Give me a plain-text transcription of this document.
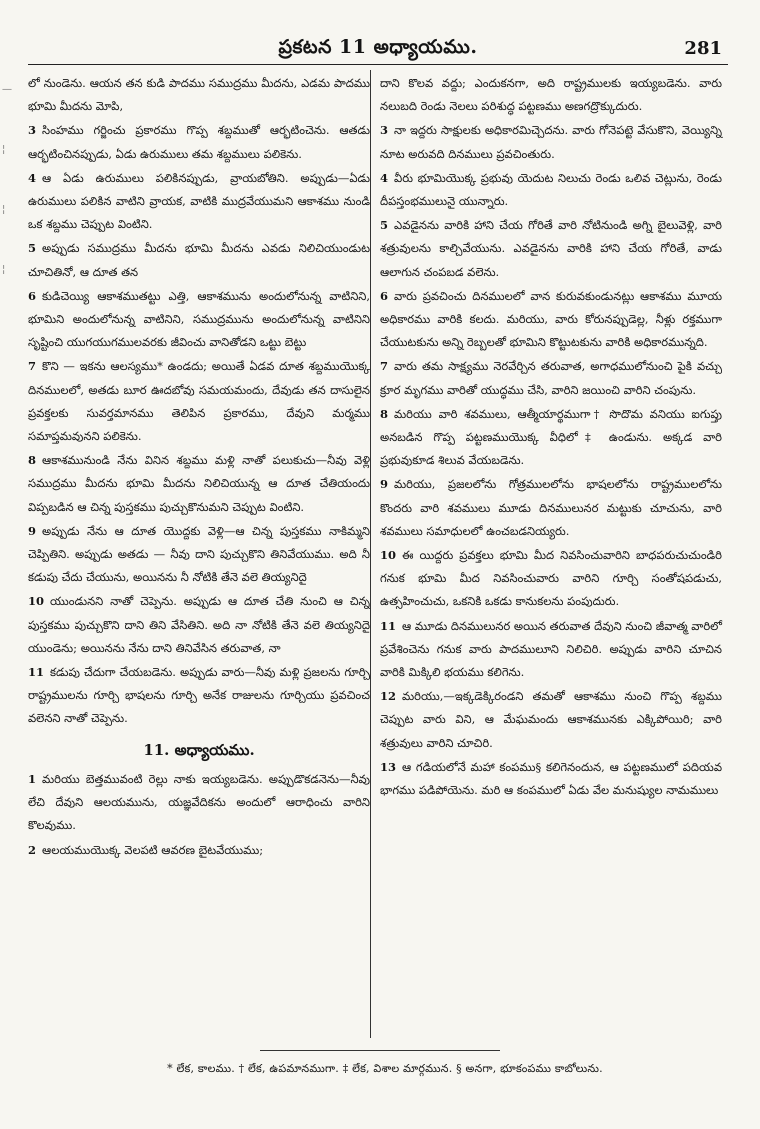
—
¦
¦
¦
ప్రకటన 11 అధ్యాయము.	281

లో నుండెను. ఆయన తన కుడి పాదము సముద్రము మీదను, ఎడమ పాదము భూమి మీదను మోపి,

3 సింహము గర్జించు ప్రకారము గొప్ప శబ్దముతో ఆర్భటించెను. ఆతడు ఆర్భటించినప్పుడు, ఏడు ఉరుములు తమ శబ్దములు పలికెను.

4 ఆ ఏడు ఉరుములు పలికినప్పుడు, వ్రాయబోతిని. అప్పుడు—ఏడు ఉరుములు పలికిన వాటిని వ్రాయక, వాటికి ముద్రవేయుమని ఆకాశము నుండి ఒక శబ్దము చెప్పుట వింటిని.

5 అప్పుడు సముద్రము మీదను భూమి మీదను ఎవడు నిలిచియుండుట చూచితినో, ఆ దూత తన

6 కుడిచెయ్యి ఆకాశముతట్టు ఎత్తి, ఆకాశమును అందులోనున్న వాటినిని, భూమిని అందులోనున్న వాటినిని, సముద్రమును అందులోనున్న వాటినిని సృష్టించి యుగయుగములవరకు జీవించు వానితోడని ఒట్టు బెట్టు

7 కొని — ఇకను ఆలస్యము* ఉండదు; అయితే ఏడవ దూత శబ్దముయొక్క దినములలో, అతడు బూర ఊదబోవు సమయమందు, దేవుడు తన దాసులైన ప్రవక్తలకు సువర్తమానము తెలిపిన ప్రకారము, దేవుని మర్మము సమాప్తమవునని పలికెను.

8 ఆకాశమునుండి నేను వినిన శబ్దము మళ్లి నాతో పలుకుచు—నీవు వెళ్లి సముద్రము మీదను భూమి మీదను నిలిచియున్న ఆ దూత చేతియందు విప్పబడిన ఆ చిన్న పుస్తకము పుచ్చుకొనుమని చెప్పుట వింటిని.

9 అప్పుడు నేను ఆ దూత యొద్దకు వెళ్లి—ఆ చిన్న పుస్తకము నాకిమ్మని చెప్పితిని. అప్పుడు అతడు — నీవు దాని పుచ్చుకొని తినివేయుము. అది నీ కడుపు చేదు చేయును, అయినను నీ నోటికి తేనె వలె తియ్యనిదై

10 యుండునని నాతో చెప్పెను. అప్పుడు ఆ దూత చేతి నుంచి ఆ చిన్న పుస్తకము పుచ్చుకొని దాని తిని వేసితిని. అది నా నోటికి తేనె వలె తియ్యనిదై యుండెను; అయినను నేను దాని తినివేసిన తరువాత, నా

11 కడుపు చేదుగా చేయబడెను. అప్పుడు వారు—నీవు మళ్లి ప్రజలను గూర్చి రాష్ట్రములను గూర్చి భాషలను గూర్చి అనేక రాజులను గూర్చియు ప్రవచించ వలెనని నాతో చెప్పెను.

11. అధ్యాయము.

1 మరియు బెత్తమువంటి రెల్లు నాకు ఇయ్యబడెను. అప్పుడొకడనెను—నీవు లేచి దేవుని ఆలయమును, యజ్ఞవేదికను అందులో ఆరాధించు వారిని కొలవుము.

2 ఆలయముయొక్క వెలపటి ఆవరణ బైటవేయుము;

దాని కొలవ వద్దు; ఎందుకనగా, అది రాష్ట్రములకు ఇయ్యబడెను. వారు నలుబది రెండు నెలలు పరిశుద్ధ పట్టణము అణగద్రొక్కుదురు.

3 నా ఇద్దరు సాక్షులకు అధికారమిచ్చెదను. వారు గోనెపట్టె వేసుకొని, వెయ్యిన్ని నూట అరువది దినములు ప్రవచింతురు.

4 వీరు భూమియొక్క ప్రభువు యెదుట నిలుచు రెండు ఒలివ చెట్లును, రెండు దీపస్తంభములునై యున్నారు.

5 ఎవడైనను వారికి హాని చేయ గోరితే వారి నోటినుండి అగ్ని బైలువెళ్లి, వారి శత్రువులను కాల్చివేయును. ఎవడైనను వారికి హాని చేయ గోరితే, వాడు ఆలాగున చంపబడ వలెను.

6 వారు ప్రవచించు దినములలో వాన కురువకుండునట్లు ఆకాశము మూయ అధికారము వారికి కలదు. మరియు, వారు కోరునప్పుడెల్ల, నీళ్లు రక్తముగా చేయుటకును అన్ని రెబ్బలతో భూమిని కొట్టుటకును వారికి అధికారమున్నది.

7 వారు తమ సాక్ష్యము నెరవేర్చిన తరువాత, అగాధములోనుంచి పైకి వచ్చు క్రూర మృగము వారితో యుద్ధము చేసి, వారిని జయించి వారిని చంపును.

8 మరియు వారి శవములు, ఆత్మీయార్థముగా† సొదొమ వనియు ఐగుప్తు అనబడిన గొప్ప పట్టణముయొక్క వీధిలో‡ ఉండును. అక్కడ వారి ప్రభువుకూడ శిలువ వేయబడెను.

9 మరియు, ప్రజలలోను గోత్రములలోను భాషలలోను రాష్ట్రములలోను కొందరు వారి శవములు మూడు దినములునర మట్టుకు చూచును, వారి శవములు సమాధులలో ఉంచబడనియ్యరు.

10 ఈ యిద్దరు ప్రవక్తలు భూమి మీద నివసించువారిని బాధపరుచుచుండిరి గనుక భూమి మీద నివసించువారు వారిని గూర్చి సంతోషపడుచు, ఉత్సహించుచు, ఒకనికి ఒకడు కానుకలను పంపుదురు.

11 ఆ మూడు దినములునర అయిన తరువాత దేవుని నుంచి జీవాత్మ వారిలో ప్రవేశించెను గనుక వారు పాదములూని నిలిచిరి. అప్పుడు వారిని చూచిన వారికి మిక్కిలి భయము కలిగెను.

12 మరియు,—ఇక్కడెక్కిరండని తమతో ఆకాశము నుంచి గొప్ప శబ్దము చెప్పుట వారు విని, ఆ మేఘమందు ఆకాశమునకు ఎక్కిపోయిరి; వారి శత్రువులు వారిని చూచిరి.

13 ఆ గడియలోనే మహా కంపము§ కలిగెనందున, ఆ పట్టణములో పదియవ భాగము పడిపోయెను. మరి ఆ కంపములో ఏడు వేల మనుష్యుల నామములు

* లేక, కాలము. † లేక, ఉపమానముగా. ‡ లేక, విశాల మార్గమున. § అనగా, భూకంపము కాబోలును.
